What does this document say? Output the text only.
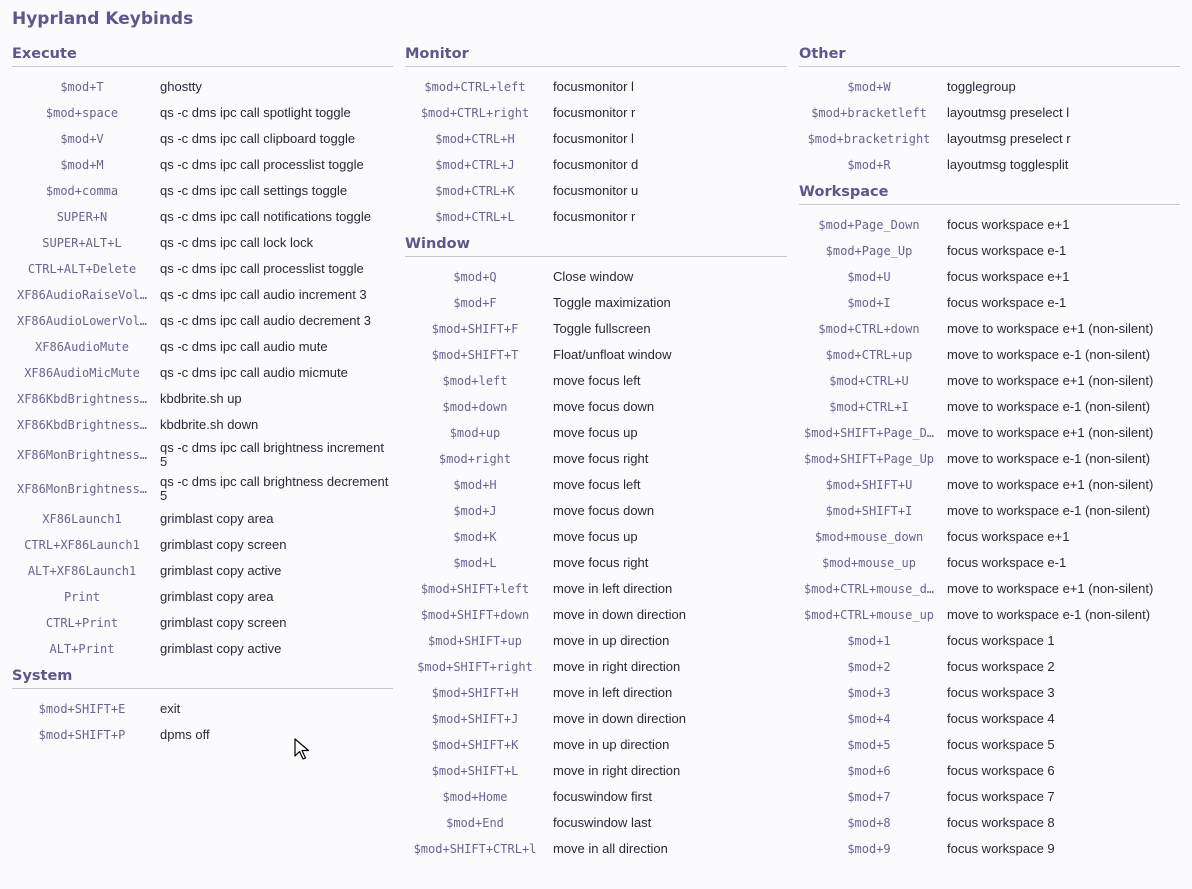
Hyprland Keybinds
Execute
$mod+T	ghostty
$mod+space	qs -c dms ipc call spotlight toggle
$mod+V	qs -c dms ipc call clipboard toggle
$mod+M	qs -c dms ipc call processlist toggle
$mod+comma	qs -c dms ipc call settings toggle
SUPER+N	qs -c dms ipc call notifications toggle
SUPER+ALT+L	qs -c dms ipc call lock lock
CTRL+ALT+Delete	qs -c dms ipc call processlist toggle
XF86AudioRaiseVol… qs -c dms ipc call audio increment 3
XF86AudioLowerVol… qs -c dms ipc call audio decrement 3
XF86AudioMute	qs -c dms ipc call audio mute
XF86AudioMicMute	qs -c dms ipc call audio micmute
XF86KbdBrightness… kbdbrite.sh up
XF86KbdBrightness… kbdbrite.sh down
XF86MonBrightness… qs -c dms ipc call brightness increment 5
XF86MonBrightness… qs -c dms ipc call brightness decrement 5
XF86Launch1	grimblast copy area
CTRL+XF86Launch1	grimblast copy screen
ALT+XF86Launch1	grimblast copy active
Print	grimblast copy area
CTRL+Print	grimblast copy screen
ALT+Print	grimblast copy active
System
$mod+SHIFT+E	exit
$mod+SHIFT+P	dpms off
Monitor
$mod+CTRL+left	focusmonitor l
$mod+CTRL+right	focusmonitor r
$mod+CTRL+H	focusmonitor l
$mod+CTRL+J	focusmonitor d
$mod+CTRL+K	focusmonitor u
$mod+CTRL+L	focusmonitor r
Window
$mod+Q	Close window
$mod+F	Toggle maximization
$mod+SHIFT+F	Toggle fullscreen
$mod+SHIFT+T	Float/unfloat window
$mod+left	move focus left
$mod+down	move focus down
$mod+up	move focus up
$mod+right	move focus right
$mod+H	move focus left
$mod+J	move focus down
$mod+K	move focus up
$mod+L	move focus right
$mod+SHIFT+left	move in left direction
$mod+SHIFT+down	move in down direction
$mod+SHIFT+up	move in up direction
$mod+SHIFT+right	move in right direction
$mod+SHIFT+H	move in left direction
$mod+SHIFT+J	move in down direction
$mod+SHIFT+K	move in up direction
$mod+SHIFT+L	move in right direction
$mod+Home	focuswindow first
$mod+End	focuswindow last
$mod+SHIFT+CTRL+l	move in all direction
Other
$mod+W	togglegroup
$mod+bracketleft	layoutmsg preselect l
$mod+bracketright	layoutmsg preselect r
$mod+R	layoutmsg togglesplit
Workspace
$mod+Page_Down	focus workspace e+1
$mod+Page_Up	focus workspace e-1
$mod+U	focus workspace e+1
$mod+I	focus workspace e-1
$mod+CTRL+down	move to workspace e+1 (non-silent)
$mod+CTRL+up	move to workspace e-1 (non-silent)
$mod+CTRL+U	move to workspace e+1 (non-silent)
$mod+CTRL+I	move to workspace e-1 (non-silent)
$mod+SHIFT+Page_D… move to workspace e+1 (non-silent)
$mod+SHIFT+Page_Up move to workspace e-1 (non-silent)
$mod+SHIFT+U	move to workspace e+1 (non-silent)
$mod+SHIFT+I	move to workspace e-1 (non-silent)
$mod+mouse_down	focus workspace e+1
$mod+mouse_up	focus workspace e-1
$mod+CTRL+mouse_d… move to workspace e+1 (non-silent)
$mod+CTRL+mouse_up move to workspace e-1 (non-silent)
$mod+1	focus workspace 1
$mod+2	focus workspace 2
$mod+3	focus workspace 3
$mod+4	focus workspace 4
$mod+5	focus workspace 5
$mod+6	focus workspace 6
$mod+7	focus workspace 7
$mod+8	focus workspace 8
$mod+9	focus workspace 9
